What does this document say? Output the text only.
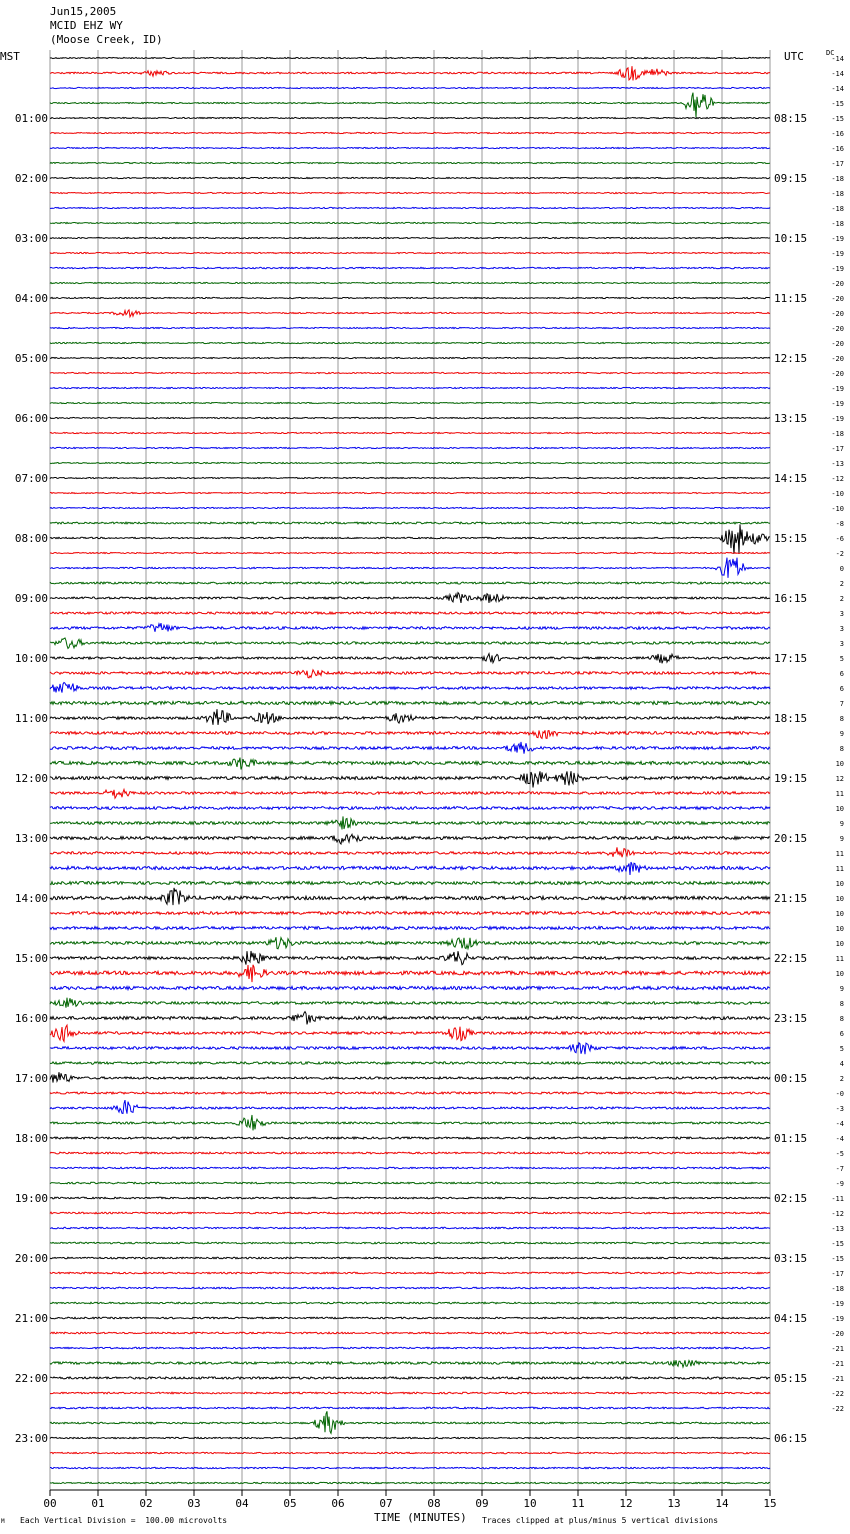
Jun15,2005
MCID EHZ WY
(Moose Creek, ID)
MST	UTC	DC
01:00
02:00
03:00
04:00
05:00
06:00
07:00
08:00
09:00
10:00
11:00
12:00
13:00
14:00
15:00
16:00
17:00
18:00
19:00
20:00
21:00
22:00
23:00
08:15
09:15
10:15
11:15
12:15
13:15
14:15
15:15
16:15
17:15
18:15
19:15
20:15
21:15
22:15
23:15
00:15
01:15
02:15
03:15
04:15
05:15
06:15
-14
-14
-14
-15
-15
-16
-16
-17
-18
-18
-18
-18
-19
-19
-19
-20
-20
-20
-20
-20
-20
-20
-19
-19
-19
-18
-17
-13
-12
-10
-10
-8
-6
-2
0
2
2
3
3
3
5
6
6
7
8
9
8
10
12
11
10
9
9
11
11
10
10
10
10
10
11
10
9
8
8
6
5
4
2
-0
-3
-4
-4
-5
-7
-9
-11
-12
-13
-15
-15
-17
-18
-19
-19
-20
-21
-21
-21
-22
-22
00	01	02	03	04	05	06	07	08	09	10	11	12	13	14	15
TIME (MINUTES)
Each Vertical Division =  100.00 microvolts	Traces clipped at plus/minus 5 vertical divisions
M
